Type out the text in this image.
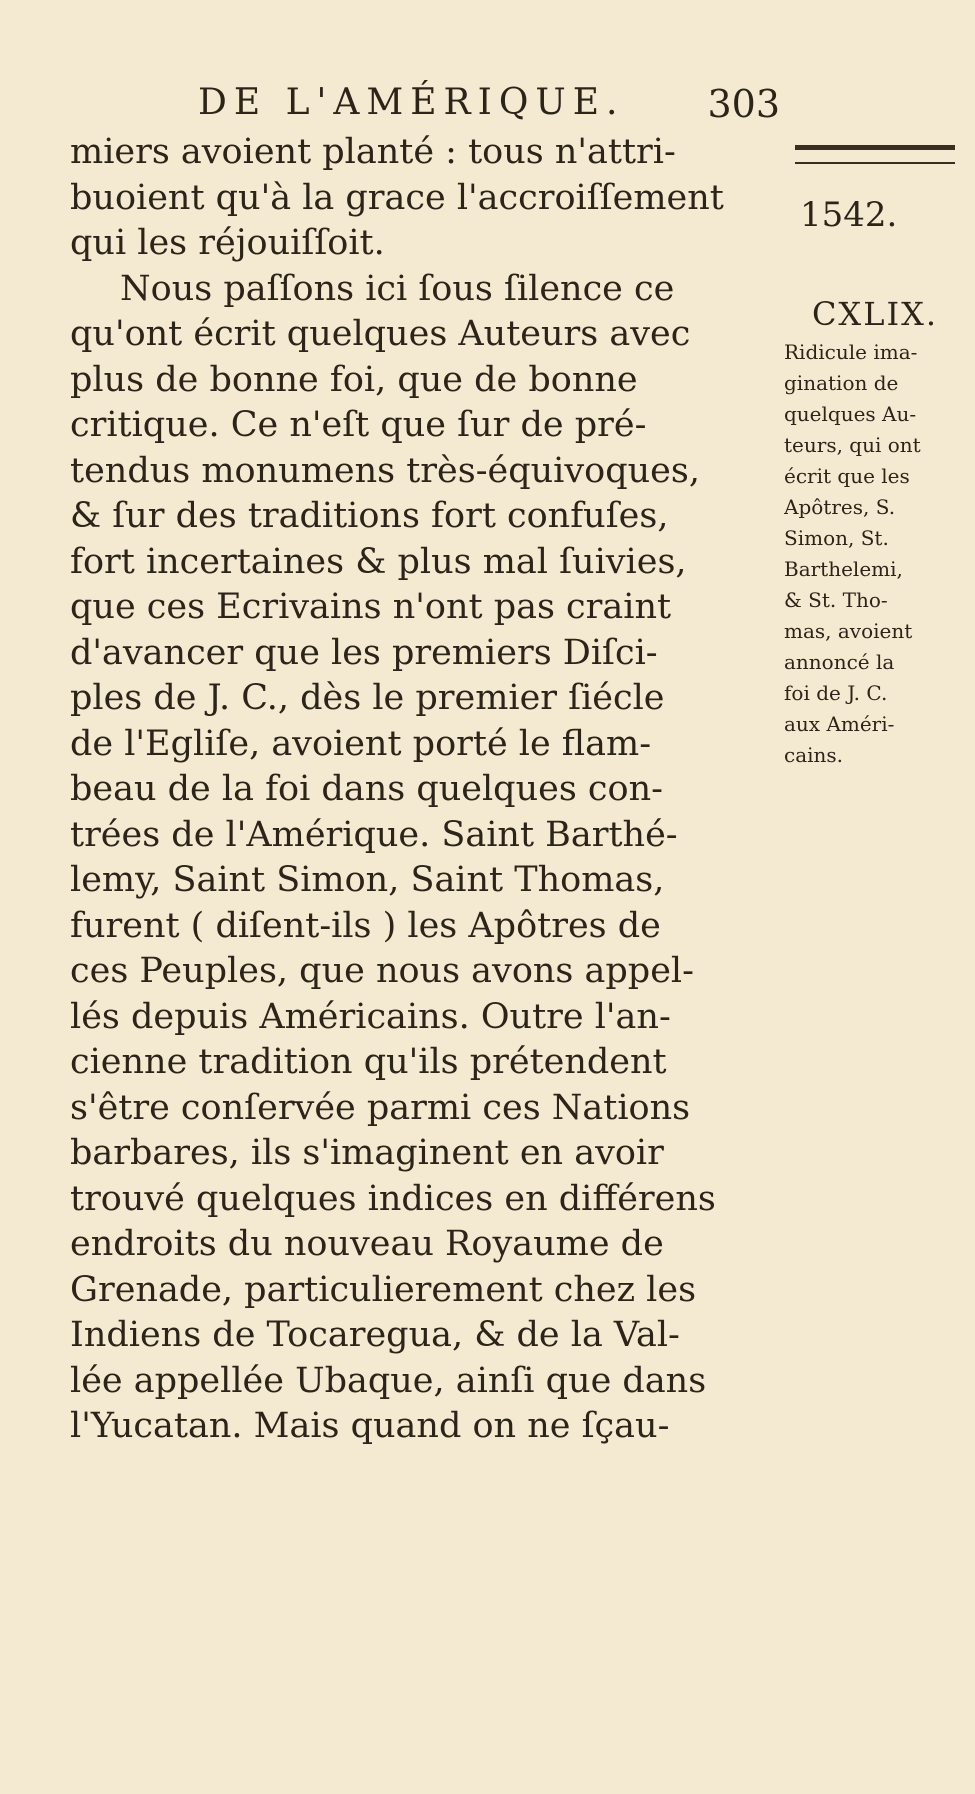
DE L'AMÉRIQUE. 303
miers avoient planté : tous n'attri-
buoient qu'à la grace l'accroiſſement
qui les réjouiſſoit.
Nous paſſons ici ſous ſilence ce
qu'ont écrit quelques Auteurs avec
plus de bonne foi, que de bonne
critique. Ce n'eſt que ſur de pré-
tendus monumens très-équivoques,
& ſur des traditions fort confuſes,
fort incertaines & plus mal ſuivies,
que ces Ecrivains n'ont pas craint
d'avancer que les premiers Diſci-
ples de J. C., dès le premier ſiécle
de l'Egliſe, avoient porté le flam-
beau de la foi dans quelques con-
trées de l'Amérique. Saint Barthé-
lemy, Saint Simon, Saint Thomas,
furent ( diſent-ils ) les Apôtres de
ces Peuples, que nous avons appel-
lés depuis Américains. Outre l'an-
cienne tradition qu'ils prétendent
s'être conſervée parmi ces Nations
barbares, ils s'imaginent en avoir
trouvé quelques indices en différens
endroits du nouveau Royaume de
Grenade, particulierement chez les
Indiens de Tocaregua, & de la Val-
lée appellée Ubaque, ainſi que dans
l'Yucatan. Mais quand on ne ſçau-
1542.
CXLIX.
Ridicule ima-
gination de
quelques Au-
teurs, qui ont
écrit que les
Apôtres, S.
Simon, St.
Barthelemi,
& St. Tho-
mas, avoient
annoncé la
foi de J. C.
aux Améri-
cains.
